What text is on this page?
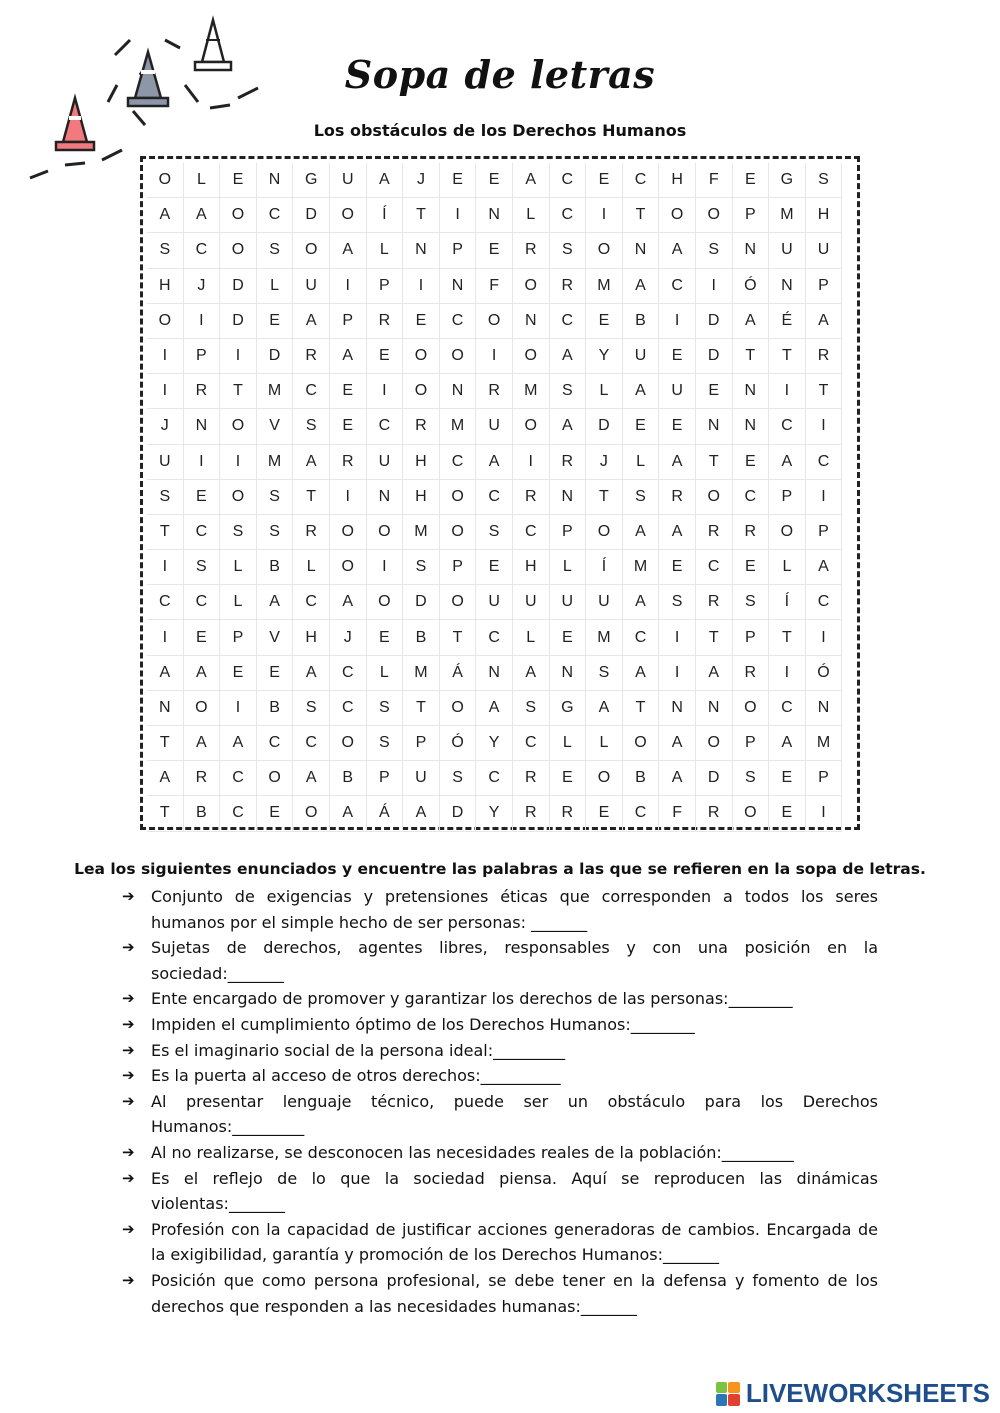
Sopa de letras
Los obstáculos de los Derechos Humanos
O	L	E	N	G	U	A	J	E	E	A	C	E	C	H	F	E	G	S
A	A	O	C	D	O	Í	T	I	N	L	C	I	T	O	O	P	M	H
S	C	O	S	O	A	L	N	P	E	R	S	O	N	A	S	N	U	U
H	J	D	L	U	I	P	I	N	F	O	R	M	A	C	I	Ó	N	P
O	I	D	E	A	P	R	E	C	O	N	C	E	B	I	D	A	É	A
I	P	I	D	R	A	E	O	O	I	O	A	Y	U	E	D	T	T	R
I	R	T	M	C	E	I	O	N	R	M	S	L	A	U	E	N	I	T
J	N	O	V	S	E	C	R	M	U	O	A	D	E	E	N	N	C	I
U	I	I	M	A	R	U	H	C	A	I	R	J	L	A	T	E	A	C
S	E	O	S	T	I	N	H	O	C	R	N	T	S	R	O	C	P	I
T	C	S	S	R	O	O	M	O	S	C	P	O	A	A	R	R	O	P
I	S	L	B	L	O	I	S	P	E	H	L	Í	M	E	C	E	L	A
C	C	L	A	C	A	O	D	O	U	U	U	U	A	S	R	S	Í	C
I	E	P	V	H	J	E	B	T	C	L	E	M	C	I	T	P	T	I
A	A	E	E	A	C	L	M	Á	N	A	N	S	A	I	A	R	I	Ó
N	O	I	B	S	C	S	T	O	A	S	G	A	T	N	N	O	C	N
T	A	A	C	C	O	S	P	Ó	Y	C	L	L	O	A	O	P	A	M
A	R	C	O	A	B	P	U	S	C	R	E	O	B	A	D	S	E	P
T	B	C	E	O	A	Á	A	D	Y	R	R	E	C	F	R	O	E	I
Lea los siguientes enunciados y encuentre las palabras a las que se refieren en la sopa de letras.
➔ Conjunto de exigencias y pretensiones éticas que corresponden a todos los seres humanos por el simple hecho de ser personas: _______
➔ Sujetas de derechos, agentes libres, responsables y con una posición en la sociedad:_______
➔ Ente encargado de promover y garantizar los derechos de las personas:________
➔ Impiden el cumplimiento óptimo de los Derechos Humanos:________
➔ Es el imaginario social de la persona ideal:_________
➔ Es la puerta al acceso de otros derechos:__________
➔ Al presentar lenguaje técnico, puede ser un obstáculo para los Derechos Humanos:_________
➔ Al no realizarse, se desconocen las necesidades reales de la población:_________
➔ Es el reflejo de lo que la sociedad piensa. Aquí se reproducen las dinámicas violentas:_______
➔ Profesión con la capacidad de justificar acciones generadoras de cambios. Encargada de la exigibilidad, garantía y promoción de los Derechos Humanos:_______
➔ Posición que como persona profesional, se debe tener en la defensa y fomento de los derechos que responden a las necesidades humanas:_______
LIVEWORKSHEETS
